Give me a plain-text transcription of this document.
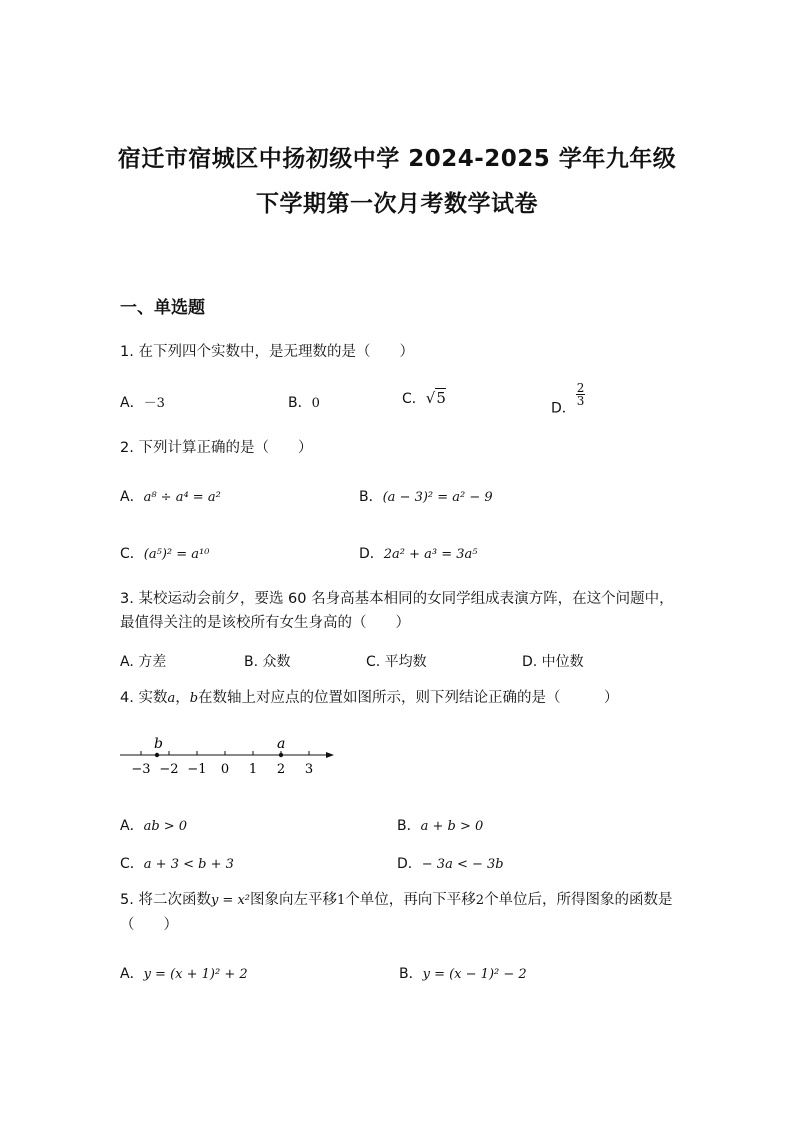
宿迁市宿城区中扬初级中学 2024-2025 学年九年级
下学期第一次月考数学试卷
一、单选题
1. 在下列四个实数中，是无理数的是（　　）
A．－3	B．0	C．√5
D．
$\frac{2}{3}$
2. 下列计算正确的是（　　）
A．a⁸ ÷ a⁴ = a²	B．(a − 3)² = a² − 9
C．(a⁵)² = a¹⁰	D．2a² + a³ = 3a⁵
3. 某校运动会前夕，要选 60 名身高基本相同的女同学组成表演方阵，在这个问题中，最值得关注的是该校所有女生身高的（　　）
A. 方差	B. 众数	C. 平均数	D. 中位数
4. 实数a，b在数轴上对应点的位置如图所示，则下列结论正确的是（　　　）
b	a
−3 −2 −1 0 1 2 3
A．ab > 0	B．a + b > 0
C．a + 3 < b + 3	D．− 3a < − 3b
5. 将二次函数y = x²图象向左平移1个单位，再向下平移2个单位后，所得图象的函数是（　　）
A．y = (x + 1)² + 2	B．y = (x − 1)² − 2
